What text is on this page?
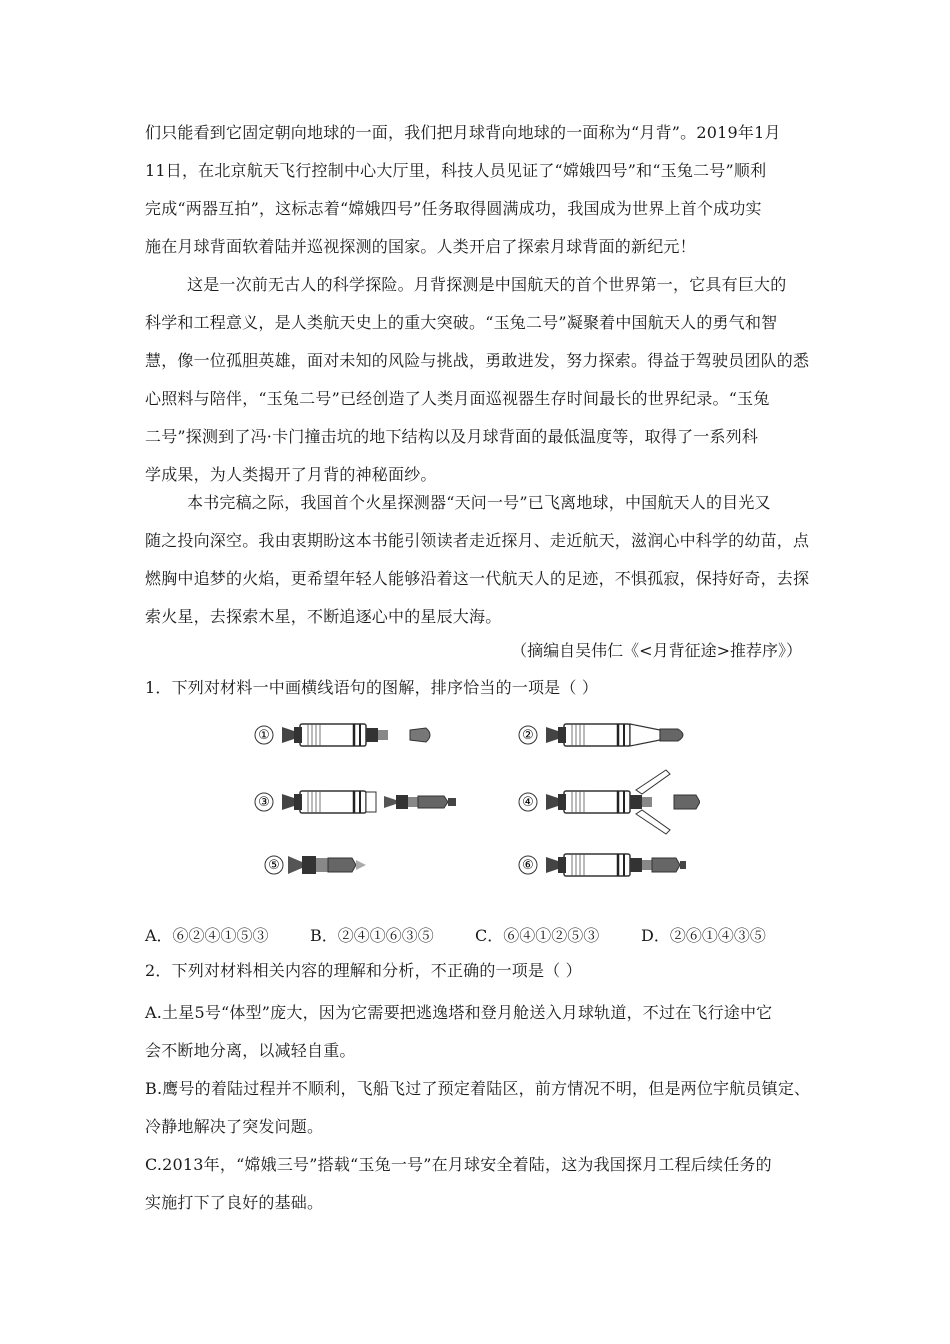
们只能看到它固定朝向地球的一面，我们把月球背向地球的一面称为“月背”。2019年1月
11日，在北京航天飞行控制中心大厅里，科技人员见证了“嫦娥四号”和“玉兔二号”顺利
完成“两器互拍”，这标志着“嫦娥四号”任务取得圆满成功，我国成为世界上首个成功实
施在月球背面软着陆并巡视探测的国家。人类开启了探索月球背面的新纪元！
这是一次前无古人的科学探险。月背探测是中国航天的首个世界第一，它具有巨大的
科学和工程意义，是人类航天史上的重大突破。“玉兔二号”凝聚着中国航天人的勇气和智
慧，像一位孤胆英雄，面对未知的风险与挑战，勇敢进发，努力探索。得益于驾驶员团队的悉
心照料与陪伴，“玉兔二号”已经创造了人类月面巡视器生存时间最长的世界纪录。“玉兔
二号”探测到了冯·卡门撞击坑的地下结构以及月球背面的最低温度等，取得了一系列科
学成果，为人类揭开了月背的神秘面纱。
本书完稿之际，我国首个火星探测器“天问一号”已飞离地球，中国航天人的目光又
随之投向深空。我由衷期盼这本书能引领读者走近探月、走近航天，滋润心中科学的幼苗，点
燃胸中追梦的火焰，更希望年轻人能够沿着这一代航天人的足迹，不惧孤寂，保持好奇，去探
索火星，去探索木星，不断追逐心中的星辰大海。
（摘编自吴伟仁《<月背征途>推荐序》）
1．下列对材料一中画横线语句的图解，排序恰当的一项是（ ）
①	②
③	④
⑤	⑥
A．⑥②④①⑤③	B．②④①⑥③⑤	C．⑥④①②⑤③	D．②⑥①④③⑤
2．下列对材料相关内容的理解和分析，不正确的一项是（ ）
A.土星5号“体型”庞大，因为它需要把逃逸塔和登月舱送入月球轨道，不过在飞行途中它
会不断地分离，以减轻自重。
B.鹰号的着陆过程并不顺利，飞船飞过了预定着陆区，前方情况不明，但是两位宇航员镇定、
冷静地解决了突发问题。
C.2013年，“嫦娥三号”搭载“玉兔一号”在月球安全着陆，这为我国探月工程后续任务的
实施打下了良好的基础。
